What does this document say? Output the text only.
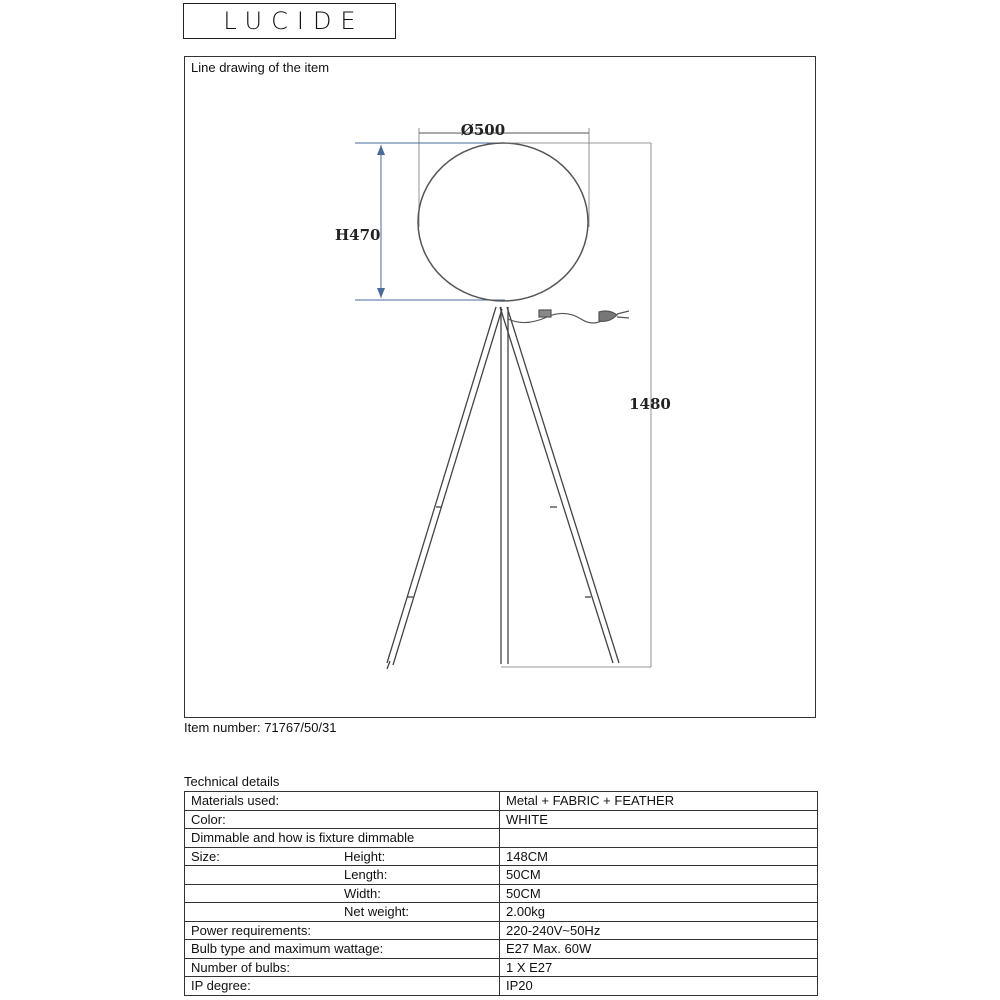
LUCIDE
Line drawing of the item
Ø500
H470
1480
Item number: 71767/50/31
Technical details
Materials used:		Metal + FABRIC + FEATHER
Color:		WHITE
Dimmable and how is fixture dimmable		
Size:	Height:	148CM
	Length:	50CM
	Width:	50CM
	Net weight:	2.00kg
Power requirements:		220-240V~50Hz
Bulb type and maximum wattage:		E27 Max. 60W
Number of bulbs:		1 X E27
IP degree:		IP20
